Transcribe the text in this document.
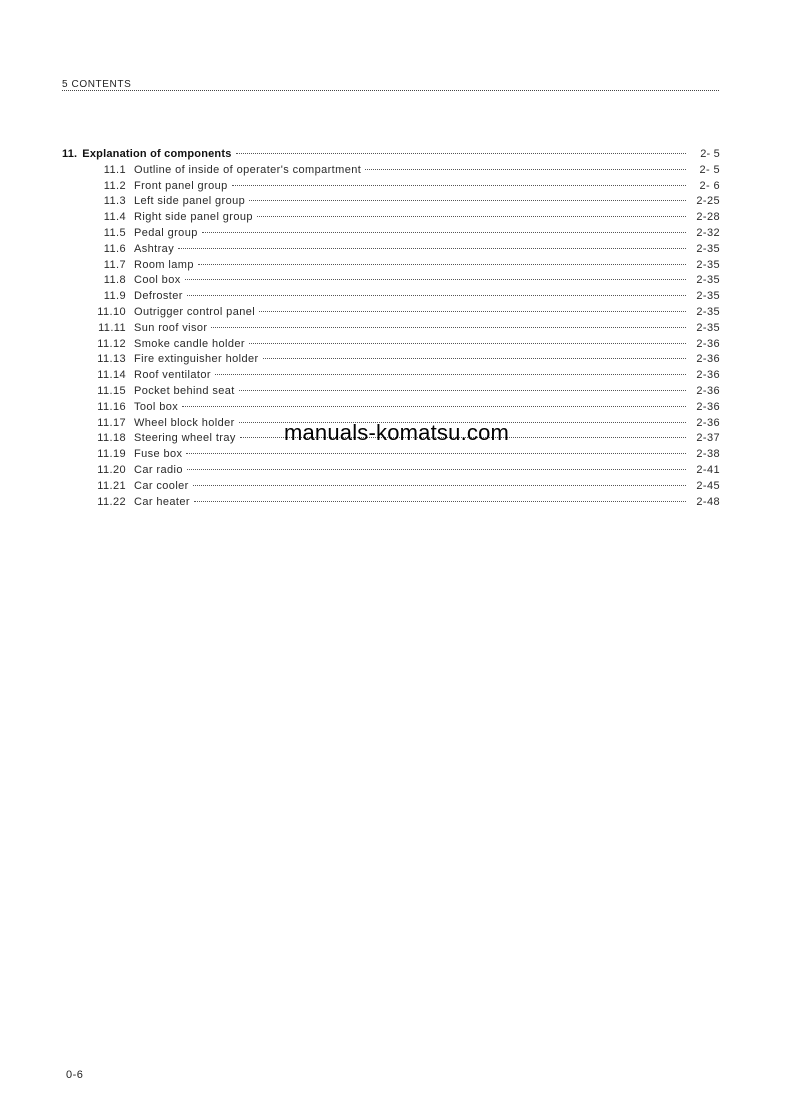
5 CONTENTS
11. Explanation of components	2- 5
11.1 Outline of inside of operater's compartment	2- 5
11.2 Front panel group	2- 6
11.3 Left side panel group	2-25
11.4 Right side panel group	2-28
11.5 Pedal group	2-32
11.6 Ashtray	2-35
11.7 Room lamp	2-35
11.8 Cool box	2-35
11.9 Defroster	2-35
11.10 Outrigger control panel	2-35
11.11 Sun roof visor	2-35
11.12 Smoke candle holder	2-36
11.13 Fire extinguisher holder	2-36
11.14 Roof ventilator	2-36
11.15 Pocket behind seat	2-36
11.16 Tool box	2-36
11.17 Wheel block holder	2-36
11.18 Steering wheel tray	2-37
11.19 Fuse box	2-38
11.20 Car radio	2-41
11.21 Car cooler	2-45
11.22 Car heater	2-48
manuals-komatsu.com
0-6
